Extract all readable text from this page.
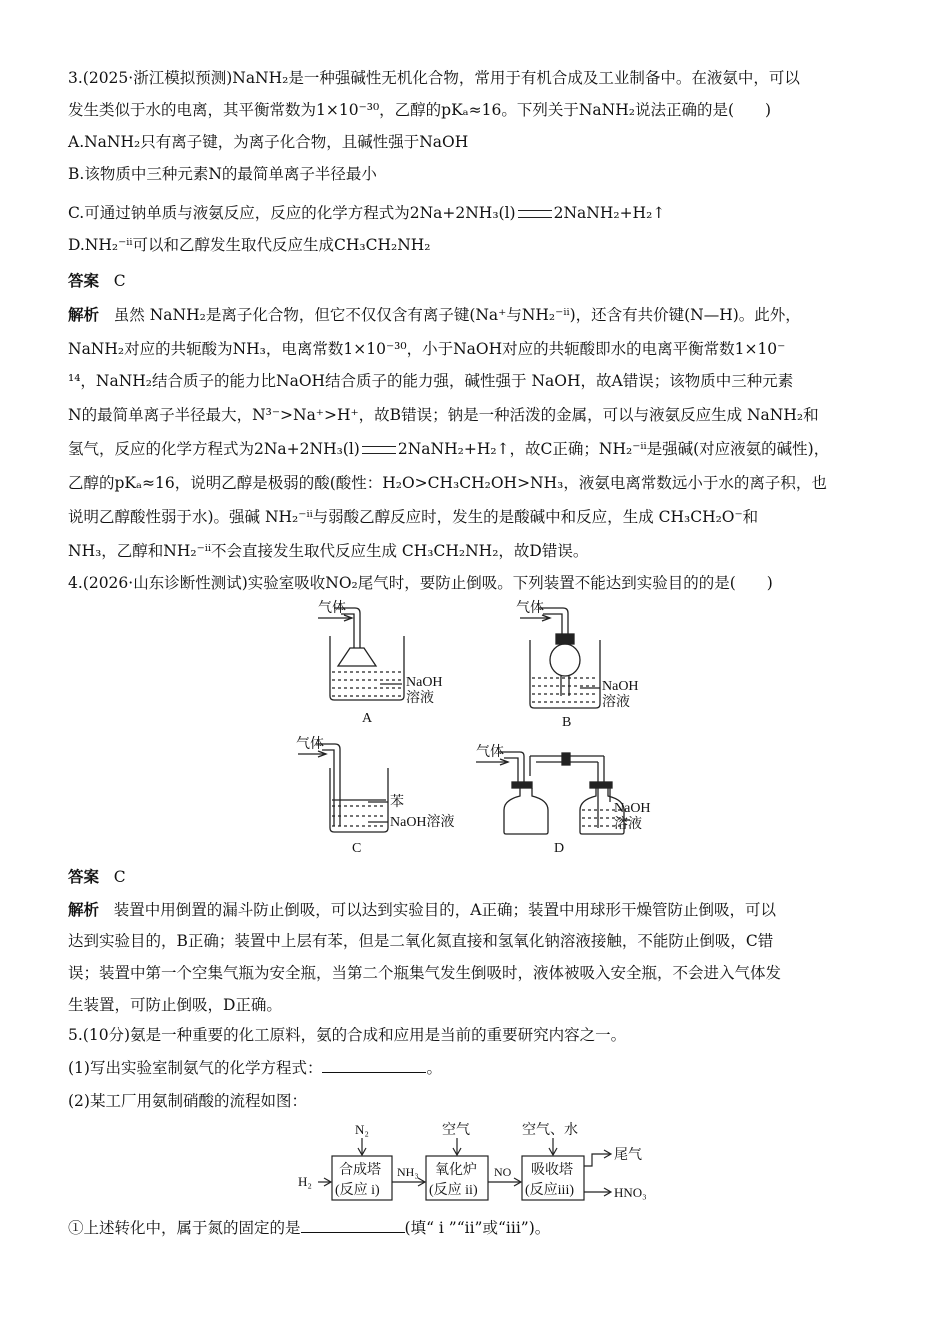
3.(2025·浙江模拟预测)NaNH₂是一种强碱性无机化合物，常用于有机合成及工业制备中。在液氨中，可以
发生类似于水的电离，其平衡常数为1×10⁻³⁰，乙醇的pKₐ≈16。下列关于NaNH₂说法正确的是(　　)
A.NaNH₂只有离子键，为离子化合物，且碱性强于NaOH
B.该物质中三种元素N的最简单离子半径最小
C.可通过钠单质与液氨反应，反应的化学方程式为2Na+2NH₃(l) 2NaNH₂+H₂↑
D.NH₂⁻ⁱⁱ可以和乙醇发生取代反应生成CH₃CH₂NH₂
答案 C
解析 虽然 NaNH₂是离子化合物，但它不仅仅含有离子键(Na⁺与NH₂⁻ⁱⁱ)，还含有共价键(N—H)。此外，
NaNH₂对应的共轭酸为NH₃，电离常数1×10⁻³⁰，小于NaOH对应的共轭酸即水的电离平衡常数1×10⁻
¹⁴，NaNH₂结合质子的能力比NaOH结合质子的能力强，碱性强于 NaOH，故A错误；该物质中三种元素
N的最简单离子半径最大，N³⁻>Na⁺>H⁺，故B错误；钠是一种活泼的金属，可以与液氨反应生成 NaNH₂和
氢气，反应的化学方程式为2Na+2NH₃(l) 2NaNH₂+H₂↑，故C正确；NH₂⁻ⁱⁱ是强碱(对应液氨的碱性)，
乙醇的pKₐ≈16，说明乙醇是极弱的酸(酸性：H₂O>CH₃CH₂OH>NH₃，液氨电离常数远小于水的离子积，也
说明乙醇酸性弱于水)。强碱 NH₂⁻ⁱⁱ与弱酸乙醇反应时，发生的是酸碱中和反应，生成 CH₃CH₂O⁻和
NH₃，乙醇和NH₂⁻ⁱⁱ不会直接发生取代反应生成 CH₃CH₂NH₂，故D错误。
4.(2026·山东诊断性测试)实验室吸收NO₂尾气时，要防止倒吸。下列装置不能达到实验目的的是(　　)
气体
NaOH
溶液
A
气体
NaOH
溶液
B
气体
苯
NaOH溶液
C
气体
NaOH
溶液
D
答案 C
解析 装置中用倒置的漏斗防止倒吸，可以达到实验目的，A正确；装置中用球形干燥管防止倒吸，可以
达到实验目的，B正确；装置中上层有苯，但是二氧化氮直接和氢氧化钠溶液接触，不能防止倒吸，C错
误；装置中第一个空集气瓶为安全瓶，当第二个瓶集气发生倒吸时，液体被吸入安全瓶，不会进入气体发
生装置，可防止倒吸，D正确。
5.(10分)氨是一种重要的化工原料，氨的合成和应用是当前的重要研究内容之一。
(1)写出实验室制氨气的化学方程式：	。
(2)某工厂用氨制硝酸的流程如图：
N₂
H₂
合成塔
(反应 i)
NH₃
空气
氧化炉
(反应 ii)
NO
空气、水
吸收塔
(反应iii)
尾气
HNO₃
①上述转化中，属于氮的固定的是	(填“ i ”“ii”或“iii”)。
